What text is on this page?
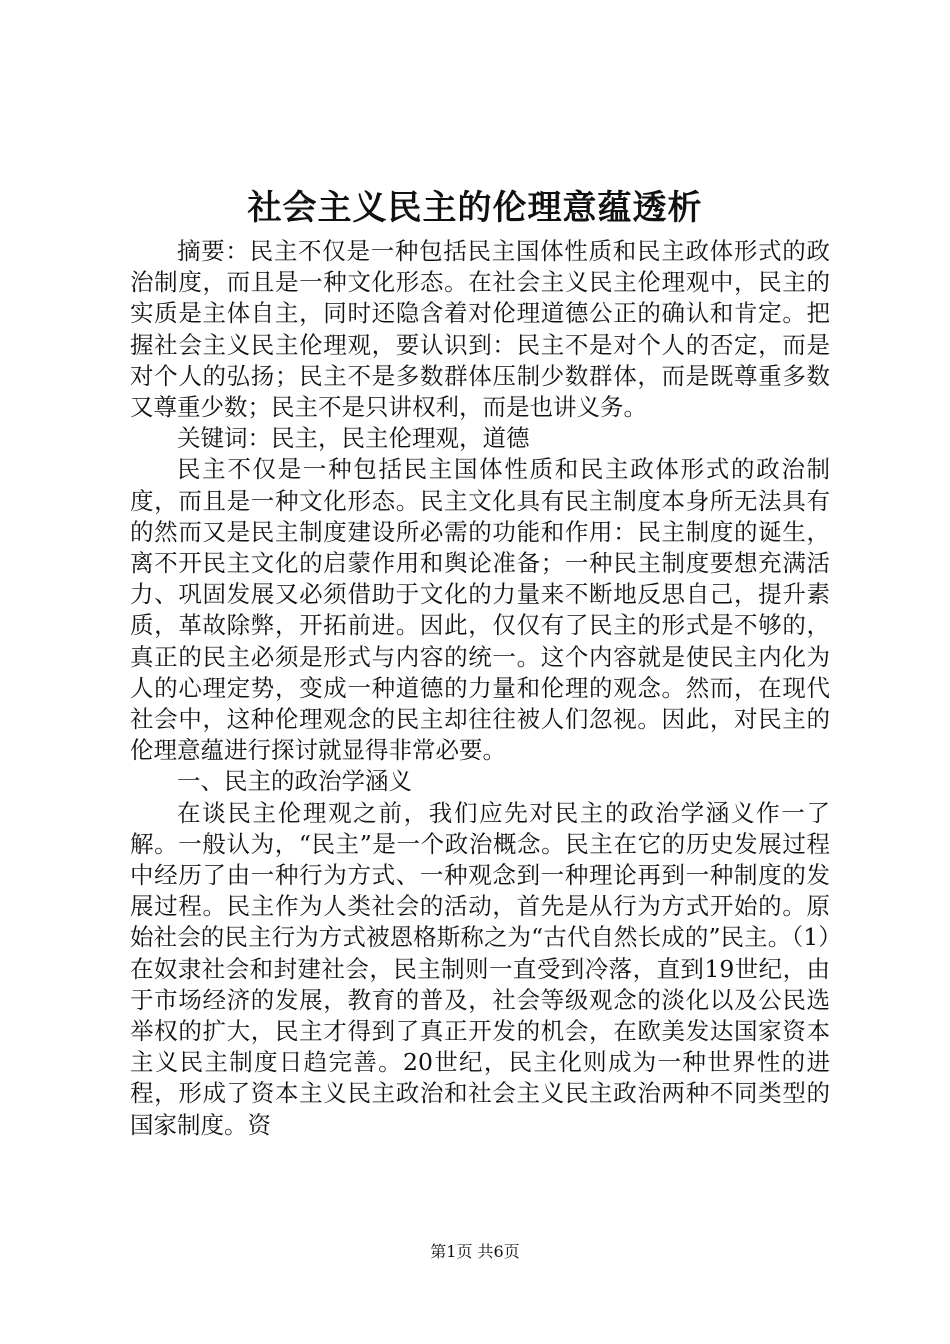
社会主义民主的伦理意蕴透析

摘要：民主不仅是一种包括民主国体性质和民主政体形式的政治制度，而且是一种文化形态。在社会主义民主伦理观中，民主的实质是主体自主，同时还隐含着对伦理道德公正的确认和肯定。把握社会主义民主伦理观，要认识到：民主不是对个人的否定，而是对个人的弘扬；民主不是多数群体压制少数群体，而是既尊重多数又尊重少数；民主不是只讲权利，而是也讲义务。

关键词：民主，民主伦理观，道德

民主不仅是一种包括民主国体性质和民主政体形式的政治制度，而且是一种文化形态。民主文化具有民主制度本身所无法具有的然而又是民主制度建设所必需的功能和作用：民主制度的诞生，离不开民主文化的启蒙作用和舆论准备；一种民主制度要想充满活力、巩固发展又必须借助于文化的力量来不断地反思自己，提升素质，革故除弊，开拓前进。因此，仅仅有了民主的形式是不够的，真正的民主必须是形式与内容的统一。这个内容就是使民主内化为人的心理定势，变成一种道德的力量和伦理的观念。然而，在现代社会中，这种伦理观念的民主却往往被人们忽视。因此，对民主的伦理意蕴进行探讨就显得非常必要。

一、民主的政治学涵义

在谈民主伦理观之前，我们应先对民主的政治学涵义作一了解。一般认为，“民主”是一个政治概念。民主在它的历史发展过程中经历了由一种行为方式、一种观念到一种理论再到一种制度的发展过程。民主作为人类社会的活动，首先是从行为方式开始的。原始社会的民主行为方式被恩格斯称之为“古代自然长成的”民主。（1）在奴隶社会和封建社会，民主制则一直受到冷落，直到19世纪，由于市场经济的发展，教育的普及，社会等级观念的淡化以及公民选举权的扩大，民主才得到了真正开发的机会，在欧美发达国家资本主义民主制度日趋完善。20世纪，民主化则成为一种世界性的进程，形成了资本主义民主政治和社会主义民主政治两种不同类型的国家制度。资

第1页 共6页
